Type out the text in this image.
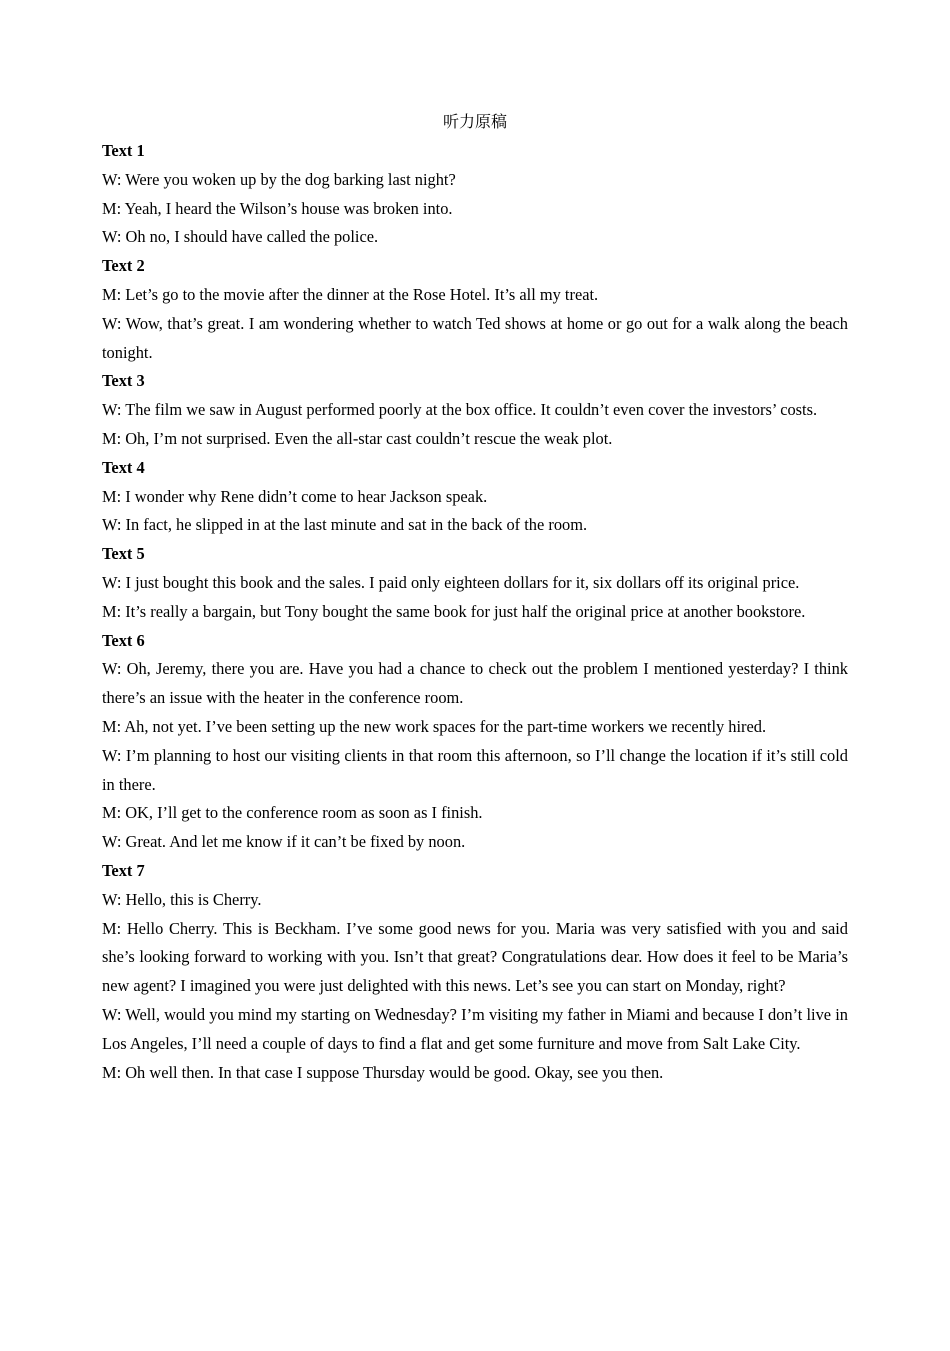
听力原稿

Text 1

W: Were you woken up by the dog barking last night?

M: Yeah, I heard the Wilson’s house was broken into.

W: Oh no, I should have called the police.

Text 2

M: Let’s go to the movie after the dinner at the Rose Hotel. It’s all my treat.

W: Wow, that’s great. I am wondering whether to watch Ted shows at home or go out for a walk along the beach tonight.

Text 3

W: The film we saw in August performed poorly at the box office. It couldn’t even cover the investors’ costs.

M: Oh, I’m not surprised. Even the all-star cast couldn’t rescue the weak plot.

Text 4

M: I wonder why Rene didn’t come to hear Jackson speak.

W: In fact, he slipped in at the last minute and sat in the back of the room.

Text 5

W: I just bought this book and the sales. I paid only eighteen dollars for it, six dollars off its original price.

M: It’s really a bargain, but Tony bought the same book for just half the original price at another bookstore.

Text 6

W: Oh, Jeremy, there you are. Have you had a chance to check out the problem I mentioned yesterday? I think there’s an issue with the heater in the conference room.

M: Ah, not yet. I’ve been setting up the new work spaces for the part-time workers we recently hired.

W: I’m planning to host our visiting clients in that room this afternoon, so I’ll change the location if it’s still cold in there.

M: OK, I’ll get to the conference room as soon as I finish.

W: Great. And let me know if it can’t be fixed by noon.

Text 7

W: Hello, this is Cherry.

M: Hello Cherry. This is Beckham. I’ve some good news for you. Maria was very satisfied with you and said she’s looking forward to working with you. Isn’t that great? Congratulations dear. How does it feel to be Maria’s new agent? I imagined you were just delighted with this news. Let’s see you can start on Monday, right?

W: Well, would you mind my starting on Wednesday? I’m visiting my father in Miami and because I don’t live in Los Angeles, I’ll need a couple of days to find a flat and get some furniture and move from Salt Lake City.

M: Oh well then. In that case I suppose Thursday would be good. Okay, see you then.
